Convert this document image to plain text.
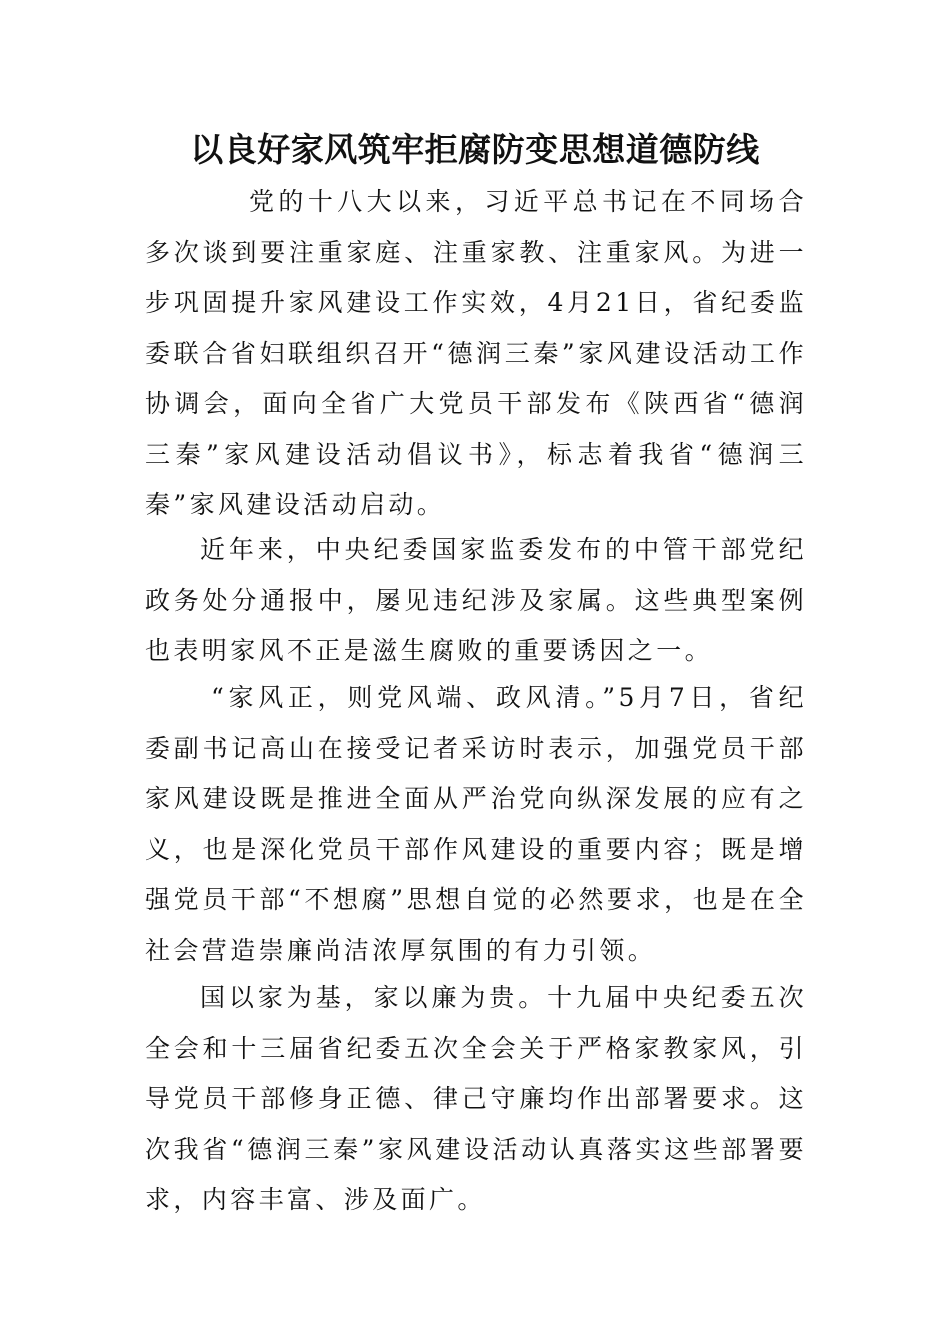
以良好家风筑牢拒腐防变思想道德防线

党的十八大以来，习近平总书记在不同场合多次谈到要注重家庭、注重家教、注重家风。为进一步巩固提升家风建设工作实效，4月21日，省纪委监委联合省妇联组织召开“德润三秦”家风建设活动工作协调会，面向全省广大党员干部发布《陕西省“德润三秦”家风建设活动倡议书》，标志着我省“德润三秦”家风建设活动启动。

近年来，中央纪委国家监委发布的中管干部党纪政务处分通报中，屡见违纪涉及家属。这些典型案例也表明家风不正是滋生腐败的重要诱因之一。

“家风正，则党风端、政风清。”5月7日，省纪委副书记高山在接受记者采访时表示，加强党员干部家风建设既是推进全面从严治党向纵深发展的应有之义，也是深化党员干部作风建设的重要内容；既是增强党员干部“不想腐”思想自觉的必然要求，也是在全社会营造崇廉尚洁浓厚氛围的有力引领。

国以家为基，家以廉为贵。十九届中央纪委五次全会和十三届省纪委五次全会关于严格家教家风，引导党员干部修身正德、律己守廉均作出部署要求。这次我省“德润三秦”家风建设活动认真落实这些部署要求，内容丰富、涉及面广。
